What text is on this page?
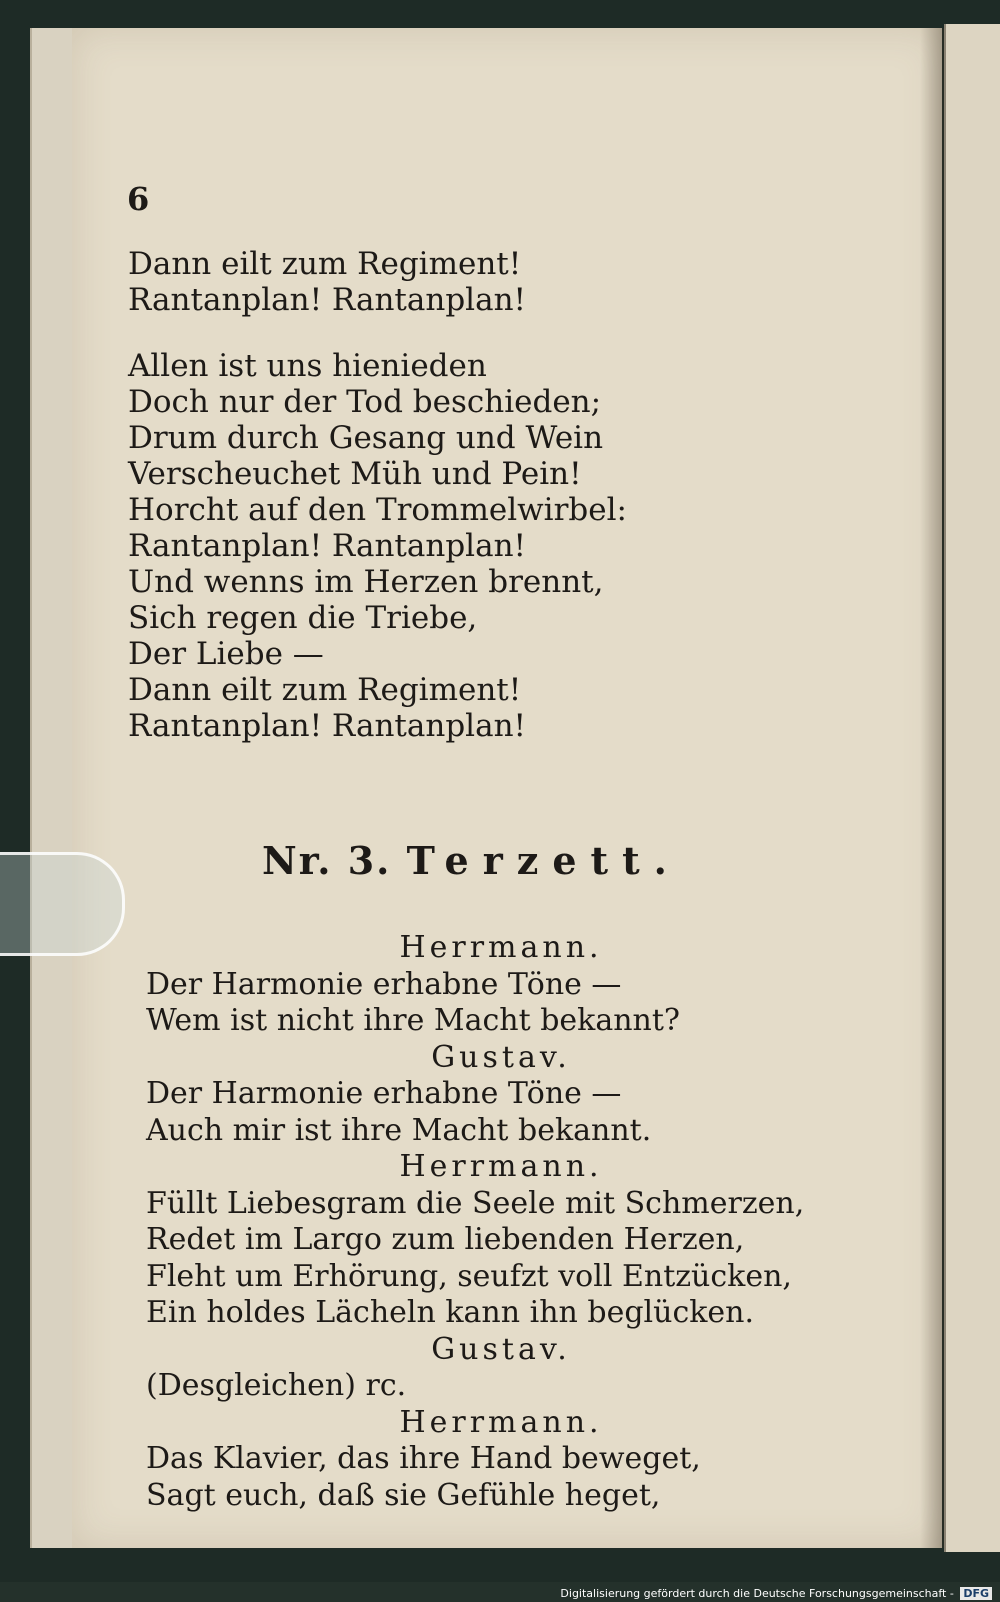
6
Dann eilt zum Regiment!
Rantanplan! Rantanplan!
Allen ist uns hienieden
Doch nur der Tod beschieden;
Drum durch Gesang und Wein
Verscheuchet Müh und Pein!
Horcht auf den Trommelwirbel:
Rantanplan! Rantanplan!
Und wenns im Herzen brennt,
Sich regen die Triebe,
Der Liebe —
Dann eilt zum Regiment!
Rantanplan! Rantanplan!
Nr. 3. Terzett.
Herrmann.
Der Harmonie erhabne Töne —
Wem ist nicht ihre Macht bekannt?
Gustav.
Der Harmonie erhabne Töne —
Auch mir ist ihre Macht bekannt.
Herrmann.
Füllt Liebesgram die Seele mit Schmerzen,
Redet im Largo zum liebenden Herzen,
Fleht um Erhörung, seufzt voll Entzücken,
Ein holdes Lächeln kann ihn beglücken.
Gustav.
(Desgleichen) rc.
Herrmann.
Das Klavier, das ihre Hand beweget,
Sagt euch, daß sie Gefühle heget,
Digitalisierung gefördert durch die Deutsche Forschungsgemeinschaft - DFG
